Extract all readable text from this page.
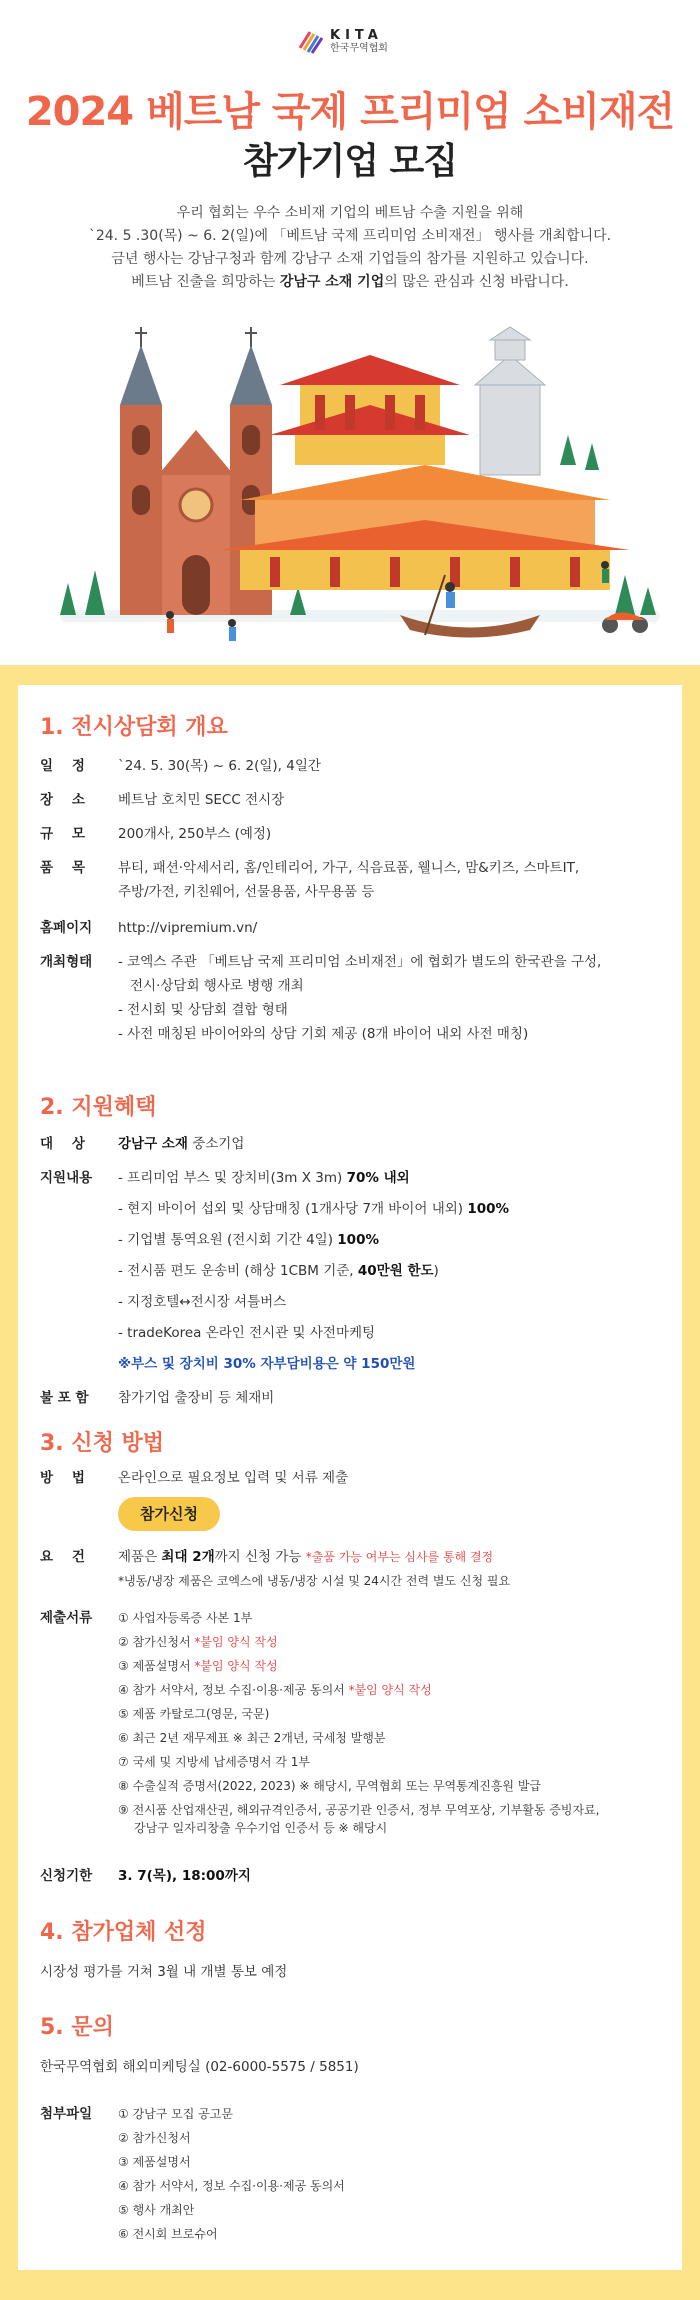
KITA
한국무역협회
2024 베트남 국제 프리미엄 소비재전
참가기업 모집
우리 협회는 우수 소비재 기업의 베트남 수출 지원을 위해
`24. 5 .30(목) ~ 6. 2(일)에 「베트남 국제 프리미엄 소비재전」 행사를 개최합니다.
금년 행사는 강남구청과 함께 강남구 소재 기업들의 참가를 지원하고 있습니다.
베트남 진출을 희망하는 강남구 소재 기업의 많은 관심과 신청 바랍니다.
1. 전시상담회 개요
일    정	`24. 5. 30(목) ~ 6. 2(일), 4일간
장    소	베트남 호치민 SECC 전시장
규    모	200개사, 250부스 (예정)
품    목	뷰티, 패션·악세서리, 홈/인테리어, 가구, 식음료품, 웰니스, 맘&키즈, 스마트IT,
주방/가전, 키친웨어, 선물용품, 사무용품 등
홈페이지	http://vipremium.vn/
개최형태	- 코엑스 주관 「베트남 국제 프리미엄 소비재전」에 협회가 별도의 한국관을 구성,
전시·상담회 행사로 병행 개최
- 전시회 및 상담회 결합 형태
- 사전 매칭된 바이어와의 상담 기회 제공 (8개 바이어 내외 사전 매칭)
2. 지원혜택
대    상	강남구 소재 중소기업
지원내용	- 프리미엄 부스 및 장치비(3m X 3m) 70% 내외
- 현지 바이어 섭외 및 상담매칭 (1개사당 7개 바이어 내외) 100%
- 기업별 통역요원 (전시회 기간 4일) 100%
- 전시품 편도 운송비 (해상 1CBM 기준, 40만원 한도)
- 지정호텔↔전시장 셔틀버스
- tradeKorea 온라인 전시관 및 사전마케팅
※부스 및 장치비 30% 자부담비용은 약 150만원
불 포 함	참가기업 출장비 등 체재비
3. 신청 방법
방    법	온라인으로 필요정보 입력 및 서류 제출
참가신청
요    건	제품은 최대 2개까지 신청 가능 *출품 가능 여부는 심사를 통해 결정
*냉동/냉장 제품은 코엑스에 냉동/냉장 시설 및 24시간 전력 별도 신청 필요
제출서류	① 사업자등록증 사본 1부
② 참가신청서 *붙임 양식 작성
③ 제품설명서 *붙임 양식 작성
④ 참가 서약서, 정보 수집·이용·제공 동의서 *붙임 양식 작성
⑤ 제품 카탈로그(영문, 국문)
⑥ 최근 2년 재무제표 ※ 최근 2개년, 국세청 발행분
⑦ 국세 및 지방세 납세증명서 각 1부
⑧ 수출실적 증명서(2022, 2023) ※ 해당시, 무역협회 또는 무역통계진흥원 발급
⑨ 전시품 산업재산권, 해외규격인증서, 공공기관 인증서, 정부 무역포상, 기부활동 증빙자료,
강남구 일자리창출 우수기업 인증서 등 ※ 해당시
신청기한	3. 7(목), 18:00까지
4. 참가업체 선정
시장성 평가를 거쳐 3월 내 개별 통보 예정
5. 문의
한국무역협회 해외미케팅실 (02-6000-5575 / 5851)
첨부파일	① 강남구 모집 공고문
② 참가신청서
③ 제품설명서
④ 참가 서약서, 정보 수집·이용·제공 동의서
⑤ 행사 개최안
⑥ 전시회 브로슈어
